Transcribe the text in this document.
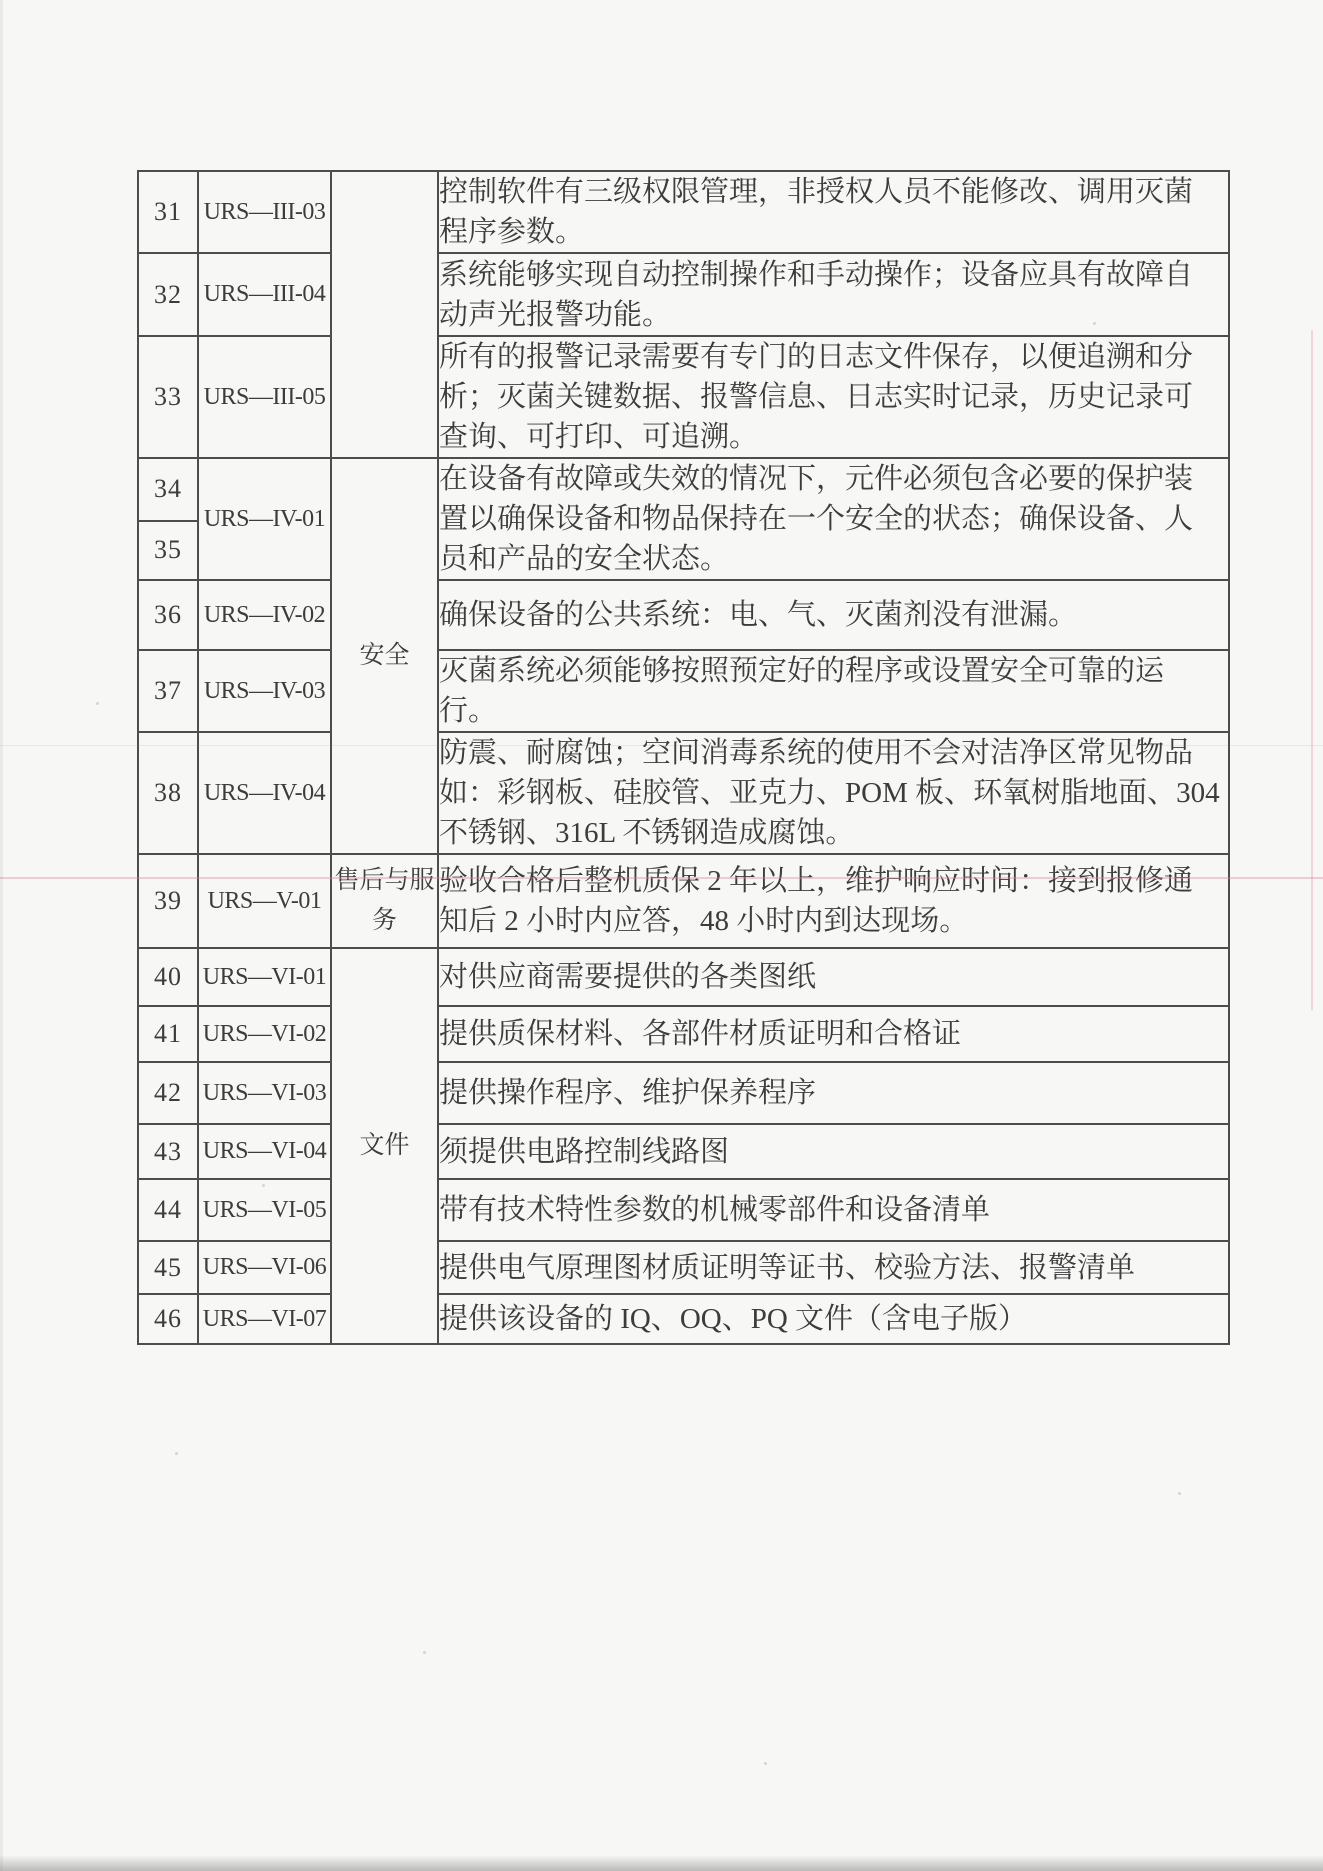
31	URS—III-03		控制软件有三级权限管理，非授权人员不能修改、调用灭菌
程序参数。

32	URS—III-04		系统能够实现自动控制操作和手动操作；设备应具有故障自
动声光报警功能。

33	URS—III-05		所有的报警记录需要有专门的日志文件保存，以便追溯和分
析；灭菌关键数据、报警信息、日志实时记录，历史记录可
查询、可打印、可追溯。

34	URS—IV-01	安全	在设备有故障或失效的情况下，元件必须包含必要的保护装
置以确保设备和物品保持在一个安全的状态；确保设备、人
员和产品的安全状态。

35			
36	URS—IV-02		确保设备的公共系统：电、气、灭菌剂没有泄漏。

37	URS—IV-03		灭菌系统必须能够按照预定好的程序或设置安全可靠的运
行。

38	URS—IV-04		防震、耐腐蚀；空间消毒系统的使用不会对洁净区常见物品
如：彩钢板、硅胶管、亚克力、POM 板、环氧树脂地面、304
不锈钢、316L 不锈钢造成腐蚀。

39	URS—V-01	售后与服务	验收合格后整机质保 2 年以上，维护响应时间：接到报修通
知后 2 小时内应答，48 小时内到达现场。

40	URS—VI-01	文件	对供应商需要提供的各类图纸

41	URS—VI-02		提供质保材料、各部件材质证明和合格证

42	URS—VI-03		提供操作程序、维护保养程序

43	URS—VI-04		须提供电路控制线路图

44	URS—VI-05		带有技术特性参数的机械零部件和设备清单

45	URS—VI-06		提供电气原理图材质证明等证书、校验方法、报警清单

46	URS—VI-07		提供该设备的 IQ、OQ、PQ 文件（含电子版）
